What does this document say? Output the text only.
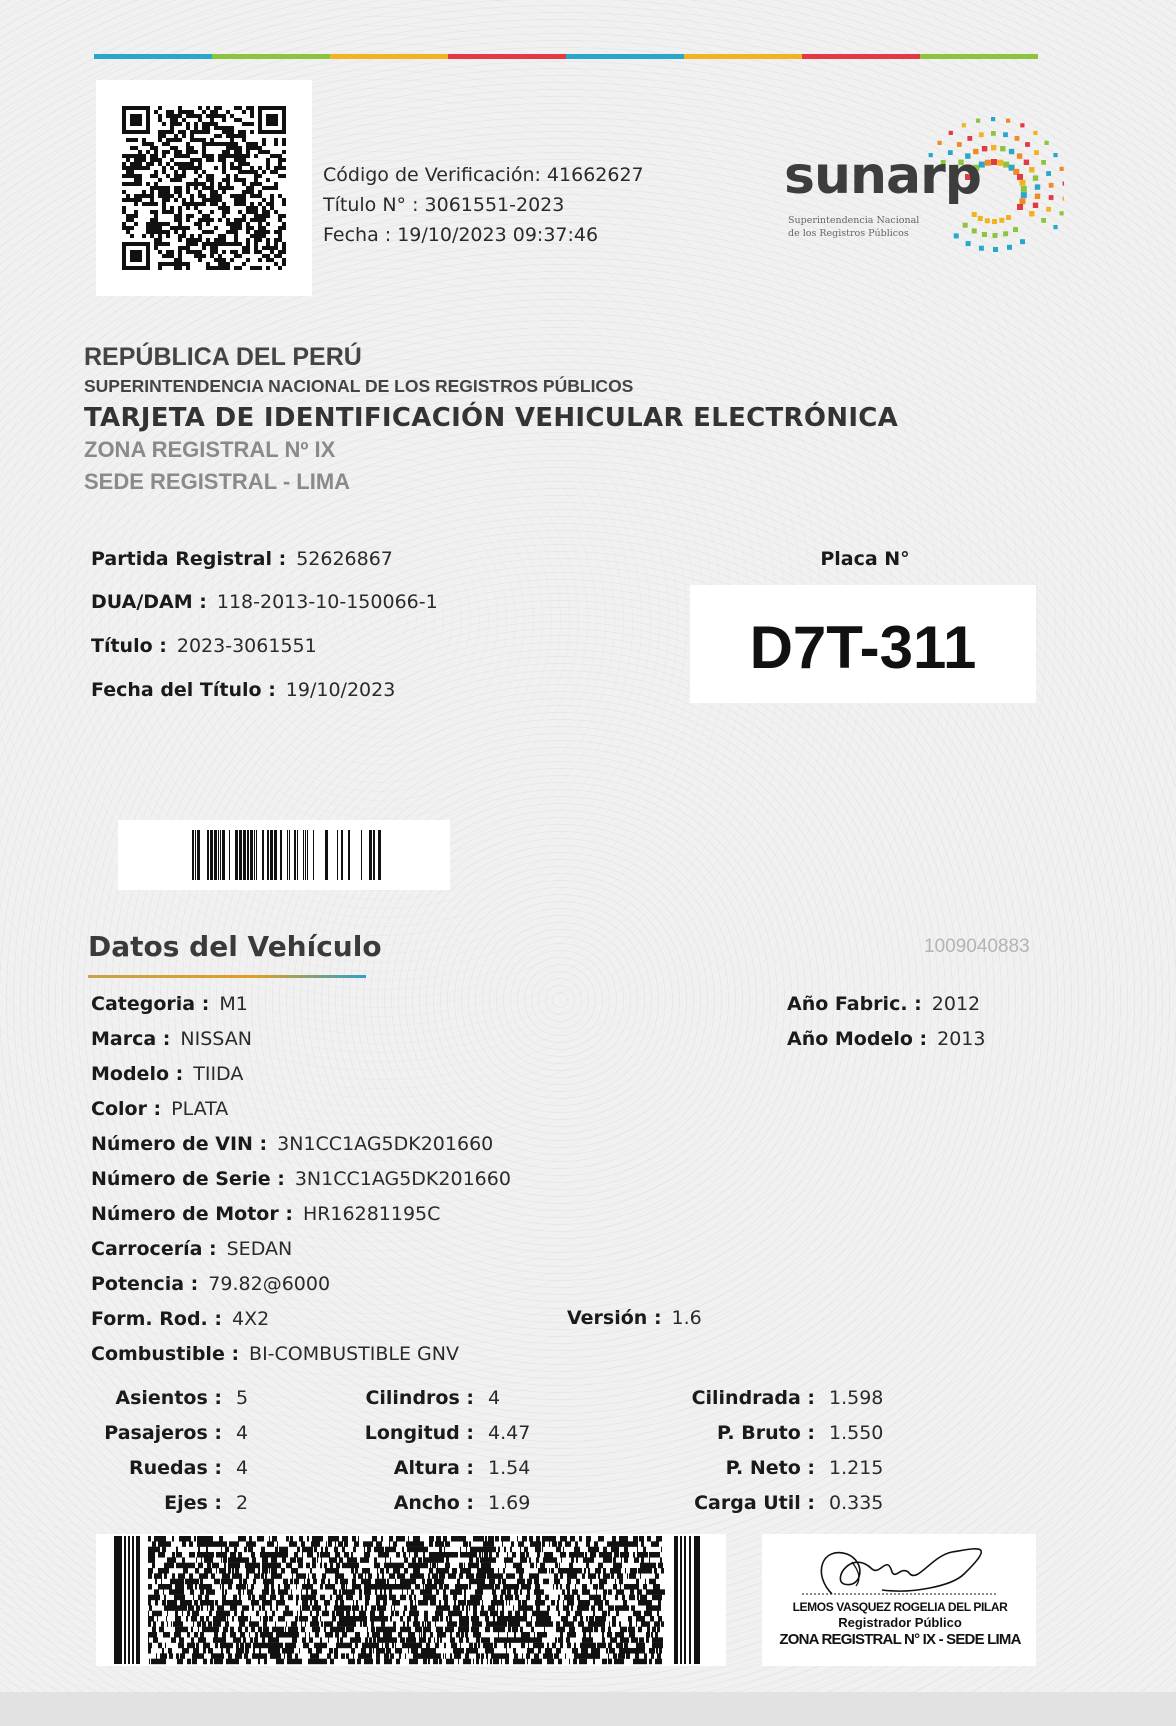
Código de Verificación: 41662627
Título N° : 3061551-2023
Fecha : 19/10/2023 09:37:46
sunarp
Superintendencia Nacional
de los Registros Públicos
REPÚBLICA DEL PERÚ
SUPERINTENDENCIA NACIONAL DE LOS REGISTROS PÚBLICOS
TARJETA DE IDENTIFICACIÓN VEHICULAR ELECTRÓNICA
ZONA REGISTRAL Nº IX
SEDE REGISTRAL - LIMA
Partida Registral : 52626867
DUA/DAM : 118-2013-10-150066-1
Título : 2023-3061551
Fecha del Título : 19/10/2023
Placa N°
D7T-311
Datos del Vehículo	1009040883
Categoria : M1
Marca : NISSAN
Modelo : TIIDA
Color : PLATA
Número de VIN : 3N1CC1AG5DK201660
Número de Serie : 3N1CC1AG5DK201660
Número de Motor : HR16281195C
Carrocería : SEDAN
Potencia : 79.82@6000
Form. Rod. : 4X2
Combustible : BI-COMBUSTIBLE GNV
Año Fabric. : 2012
Año Modelo : 2013
Versión : 1.6
Asientos : 5
Pasajeros : 4
Ruedas : 4
Ejes : 2
Cilindros : 4
Longitud : 4.47
Altura : 1.54
Ancho : 1.69
Cilindrada : 1.598
P. Bruto : 1.550
P. Neto : 1.215
Carga Util : 0.335
LEMOS VASQUEZ ROGELIA DEL PILAR
Registrador Público
ZONA REGISTRAL N° IX - SEDE LIMA
